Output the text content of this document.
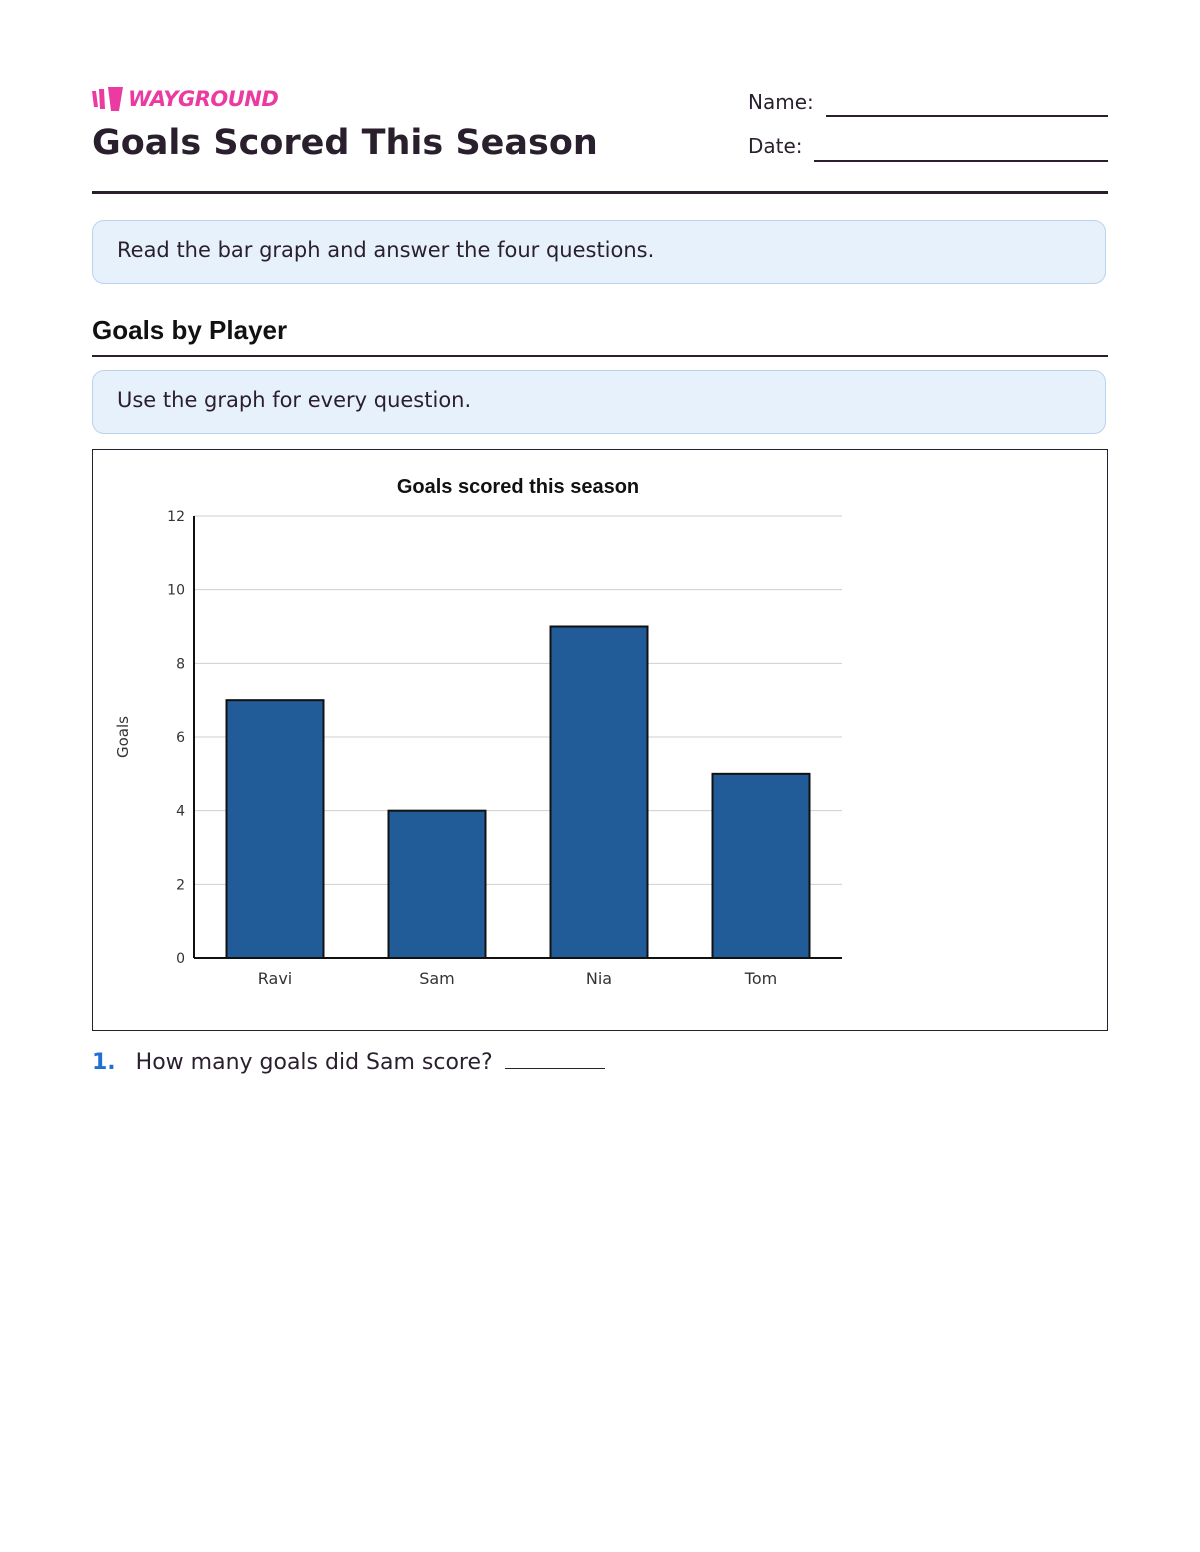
WAYGROUND
Goals Scored This Season
Name:
Date:
Read the bar graph and answer the four questions.
Goals by Player
Use the graph for every question.
Goals scored this season
0
2
4
6
8
10
12
Goals
Ravi	Sam	Nia	Tom
1. How many goals did Sam score?
